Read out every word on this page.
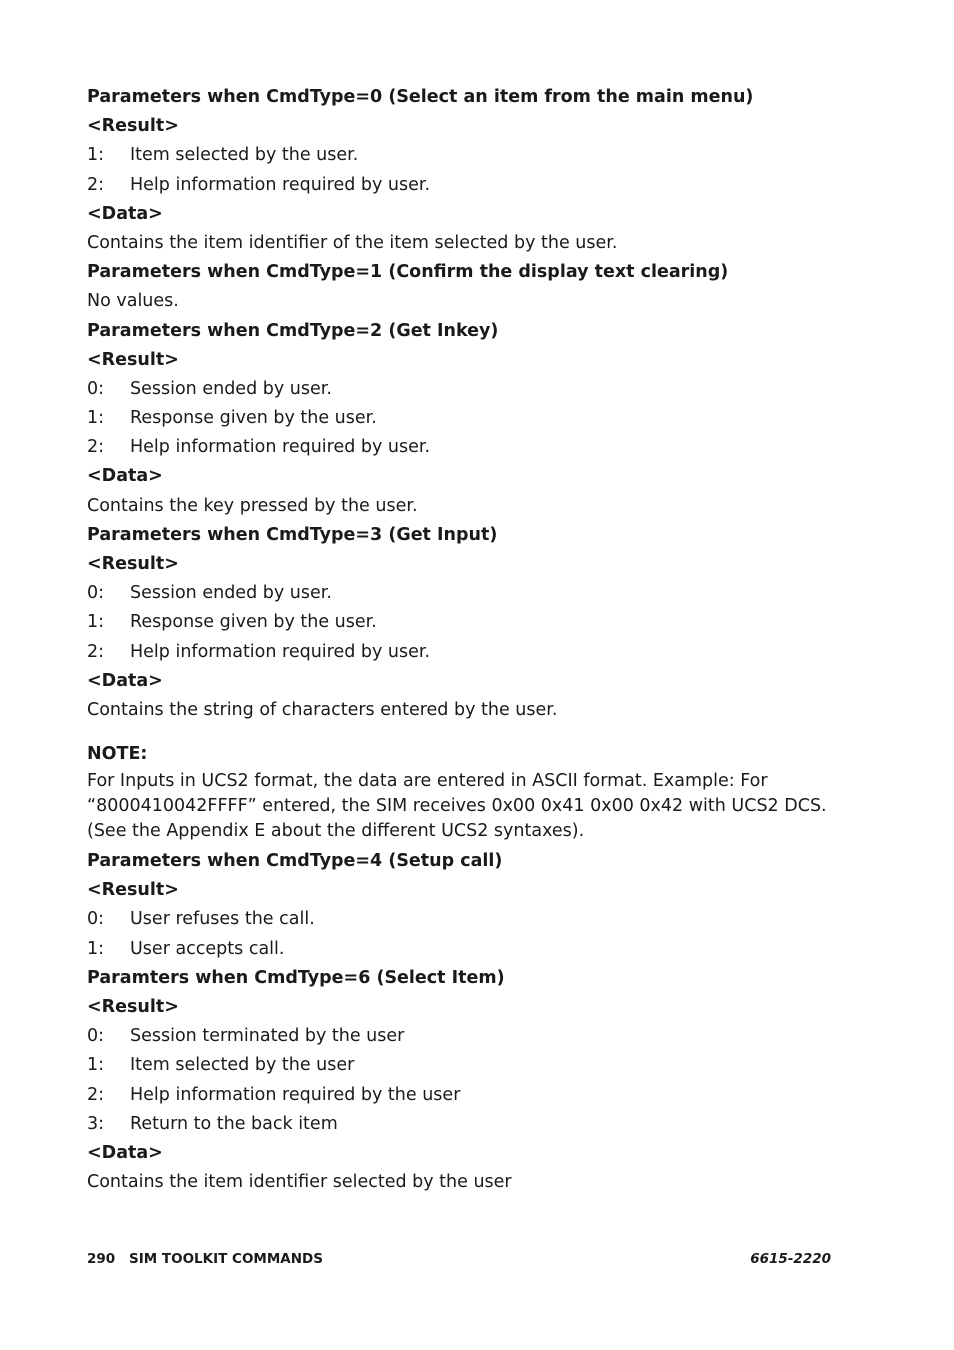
Parameters when CmdType=0 (Select an item from the main menu)
<Result>
1:	Item selected by the user.
2:	Help information required by user.
<Data>
Contains the item identifier of the item selected by the user.
Parameters when CmdType=1 (Confirm the display text clearing)
No values.
Parameters when CmdType=2 (Get Inkey)
<Result>
0:	Session ended by user.
1:	Response given by the user.
2:	Help information required by user.
<Data>
Contains the key pressed by the user.
Parameters when CmdType=3 (Get Input)
<Result>
0:	Session ended by user.
1:	Response given by the user.
2:	Help information required by user.
<Data>
Contains the string of characters entered by the user.
NOTE:
For Inputs in UCS2 format, the data are entered in ASCII format. Example: For
“8000410042FFFF” entered, the SIM receives 0x00 0x41 0x00 0x42 with UCS2 DCS.
(See the Appendix E about the different UCS2 syntaxes).
Parameters when CmdType=4 (Setup call)
<Result>
0:	User refuses the call.
1:	User accepts call.
Paramters when CmdType=6 (Select Item)
<Result>
0:	Session terminated by the user
1:	Item selected by the user
2:	Help information required by the user
3:	Return to the back item
<Data>
Contains the item identifier selected by the user
290 SIM TOOLKIT COMMANDS	6615-2220
